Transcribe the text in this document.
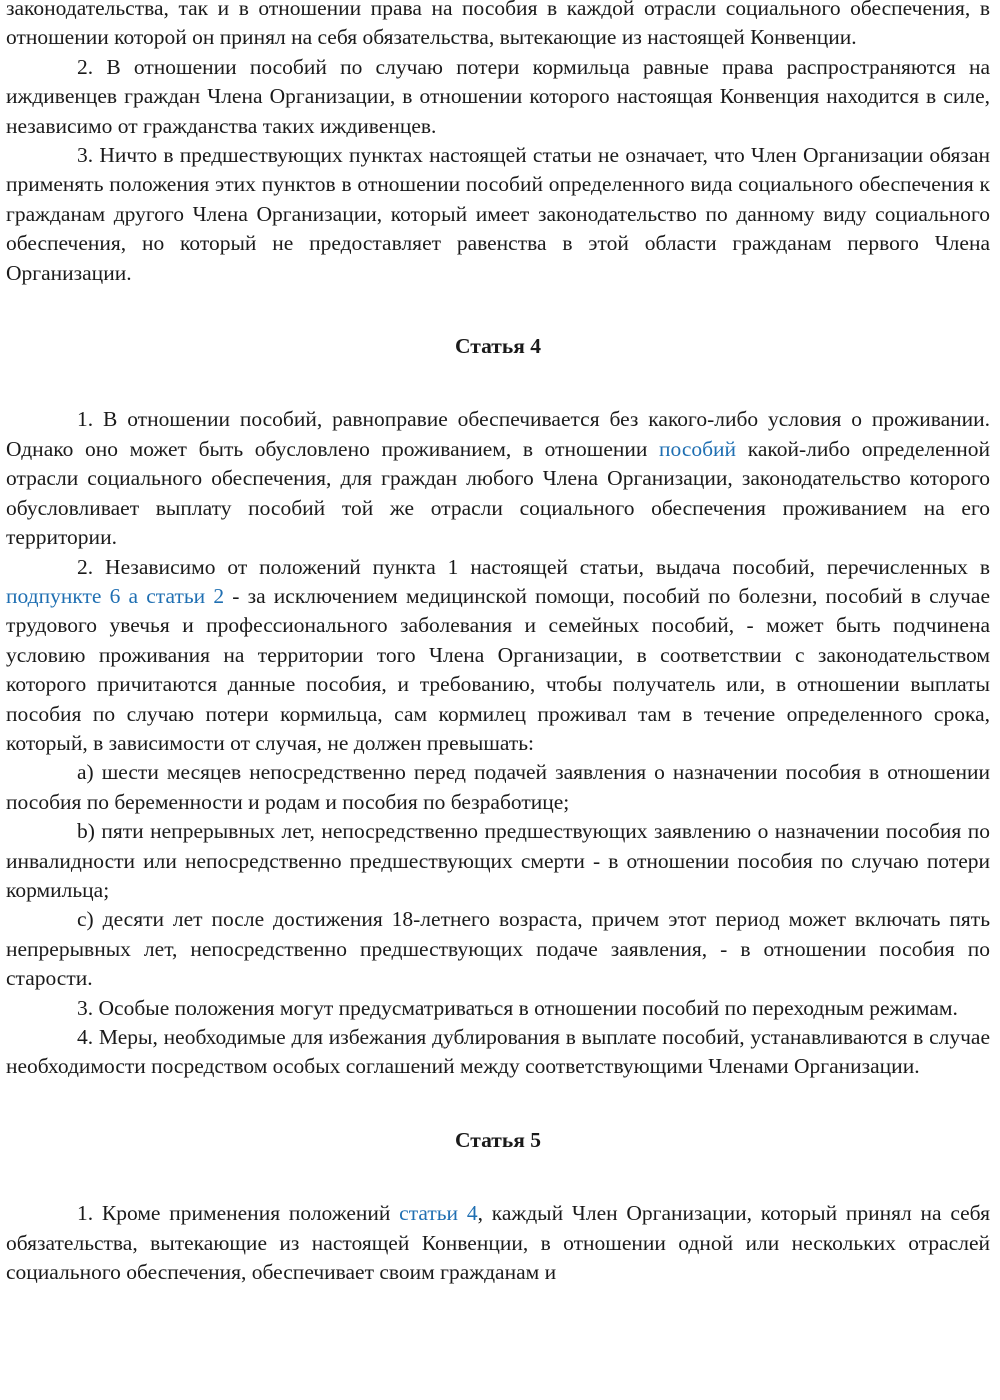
законодательства, так и в отношении права на пособия в каждой отрасли социального обеспечения, в отношении которой он принял на себя обязательства, вытекающие из настоящей Конвенции.

2. В отношении пособий по случаю потери кормильца равные права распространяются на иждивенцев граждан Члена Организации, в отношении которого настоящая Конвенция находится в силе, независимо от гражданства таких иждивенцев.

3. Ничто в предшествующих пунктах настоящей статьи не означает, что Член Организации обязан применять положения этих пунктов в отношении пособий определенного вида социального обеспечения к гражданам другого Члена Организации, который имеет законодательство по данному виду социального обеспечения, но который не предоставляет равенства в этой области гражданам первого Члена Организации.

Статья 4

1. В отношении пособий, равноправие обеспечивается без какого-либо условия о проживании. Однако оно может быть обусловлено проживанием, в отношении пособий какой-либо определенной отрасли социального обеспечения, для граждан любого Члена Организации, законодательство которого обусловливает выплату пособий той же отрасли социального обеспечения проживанием на его территории.

2. Независимо от положений пункта 1 настоящей статьи, выдача пособий, перечисленных в подпункте 6 а статьи 2 - за исключением медицинской помощи, пособий по болезни, пособий в случае трудового увечья и профессионального заболевания и семейных пособий, - может быть подчинена условию проживания на территории того Члена Организации, в соответствии с законодательством которого причитаются данные пособия, и требованию, чтобы получатель или, в отношении выплаты пособия по случаю потери кормильца, сам кормилец проживал там в течение определенного срока, который, в зависимости от случая, не должен превышать:

a) шести месяцев непосредственно перед подачей заявления о назначении пособия в отношении пособия по беременности и родам и пособия по безработице;

b) пяти непрерывных лет, непосредственно предшествующих заявлению о назначении пособия по инвалидности или непосредственно предшествующих смерти - в отношении пособия по случаю потери кормильца;

c) десяти лет после достижения 18-летнего возраста, причем этот период может включать пять непрерывных лет, непосредственно предшествующих подаче заявления, - в отношении пособия по старости.

3. Особые положения могут предусматриваться в отношении пособий по переходным режимам.

4. Меры, необходимые для избежания дублирования в выплате пособий, устанавливаются в случае необходимости посредством особых соглашений между соответствующими Членами Организации.

Статья 5

1. Кроме применения положений статьи 4, каждый Член Организации, который принял на себя обязательства, вытекающие из настоящей Конвенции, в отношении одной или нескольких отраслей социального обеспечения, обеспечивает своим гражданам и
